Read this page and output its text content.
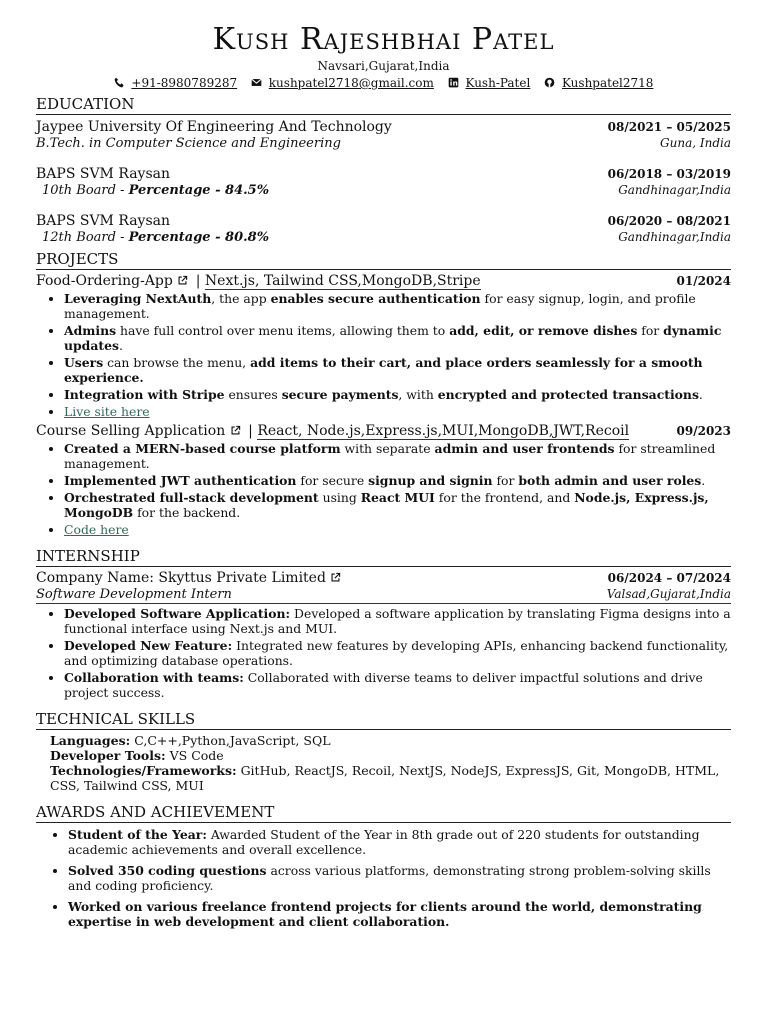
Kush Rajeshbhai Patel
Navsari,Gujarat,India
+91-8980789287	kushpatel2718@gmail.com	Kush-Patel	Kushpatel2718
EDUCATION
Jaypee University Of Engineering And Technology	08/2021 – 05/2025
B.Tech. in Computer Science and Engineering	Guna, India
BAPS SVM Raysan	06/2018 – 03/2019
10th Board - Percentage - 84.5%	Gandhinagar,India
BAPS SVM Raysan	06/2020 – 08/2021
12th Board - Percentage - 80.8%	Gandhinagar,India
PROJECTS
Food-Ordering-App  | Next.js, Tailwind CSS,MongoDB,Stripe	01/2024
• Leveraging NextAuth, the app enables secure authentication for easy signup, login, and profile management.
• Admins have full control over menu items, allowing them to add, edit, or remove dishes for dynamic updates.
• Users can browse the menu, add items to their cart, and place orders seamlessly for a smooth experience.
• Integration with Stripe ensures secure payments, with encrypted and protected transactions.
• Live site here
Course Selling Application  | React, Node.js,Express.js,MUI,MongoDB,JWT,Recoil	09/2023
• Created a MERN-based course platform with separate admin and user frontends for streamlined management.
• Implemented JWT authentication for secure signup and signin for both admin and user roles.
• Orchestrated full-stack development using React MUI for the frontend, and Node.js, Express.js, MongoDB for the backend.
• Code here
INTERNSHIP
Company Name: Skyttus Private Limited	06/2024 – 07/2024
Software Development Intern	Valsad,Gujarat,India
• Developed Software Application: Developed a software application by translating Figma designs into a functional interface using Next.js and MUI.
• Developed New Feature: Integrated new features by developing APIs, enhancing backend functionality, and optimizing database operations.
• Collaboration with teams: Collaborated with diverse teams to deliver impactful solutions and drive project success.
TECHNICAL SKILLS
Languages: C,C++,Python,JavaScript, SQL
Developer Tools: VS Code
Technologies/Frameworks: GitHub, ReactJS, Recoil, NextJS, NodeJS, ExpressJS, Git, MongoDB, HTML, CSS, Tailwind CSS, MUI
AWARDS AND ACHIEVEMENT
• Student of the Year: Awarded Student of the Year in 8th grade out of 220 students for outstanding academic achievements and overall excellence.
• Solved 350 coding questions across various platforms, demonstrating strong problem-solving skills and coding proficiency.
• Worked on various freelance frontend projects for clients around the world, demonstrating expertise in web development and client collaboration.
